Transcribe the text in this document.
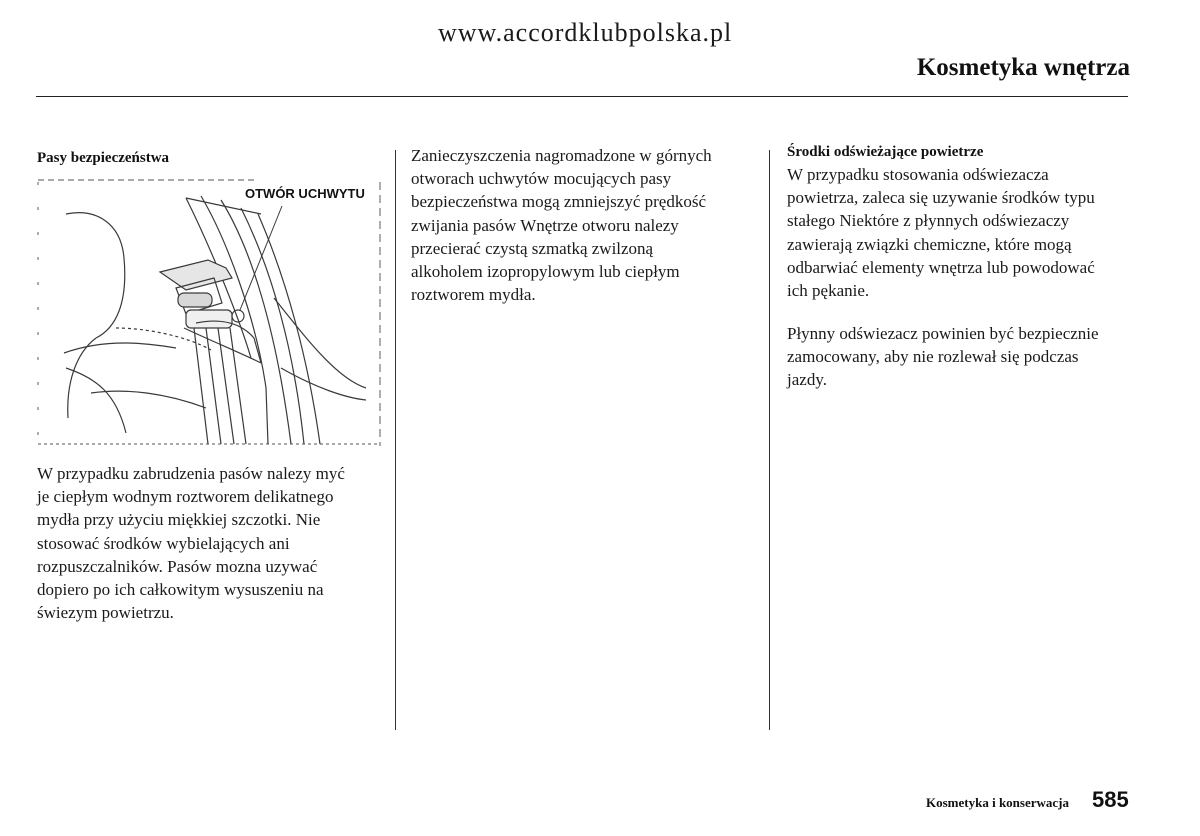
www.accordklubpolska.pl
Kosmetyka wnętrza
Pasy bezpieczeństwa
OTWÓR UCHWYTU

W przypadku zabrudzenia pasów nalezy myć
je ciepłym wodnym roztworem delikatnego
mydła przy użyciu miękkiej szczotki. Nie
stosować środków wybielających ani
rozpuszczalników. Pasów mozna uzywać
dopiero po ich całkowitym wysuszeniu na
świezym powietrzu.

Zanieczyszczenia nagromadzone w górnych
otworach uchwytów mocujących pasy
bezpieczeństwa mogą zmniejszyć prędkość
zwijania pasów Wnętrze otworu nalezy
przecierać czystą szmatką zwilzoną
alkoholem izopropylowym lub ciepłym
roztworem mydła.

Środki odświeżające powietrze

W przypadku stosowania odświezacza
powietrza, zaleca się uzywanie środków typu
stałego Niektóre z płynnych odświezaczy
zawierają związki chemiczne, które mogą
odbarwiać elementy wnętrza lub powodować
ich pękanie.

Płynny odświezacz powinien być bezpiecznie
zamocowany, aby nie rozlewał się podczas
jazdy.

Kosmetyka i konserwacja 585
